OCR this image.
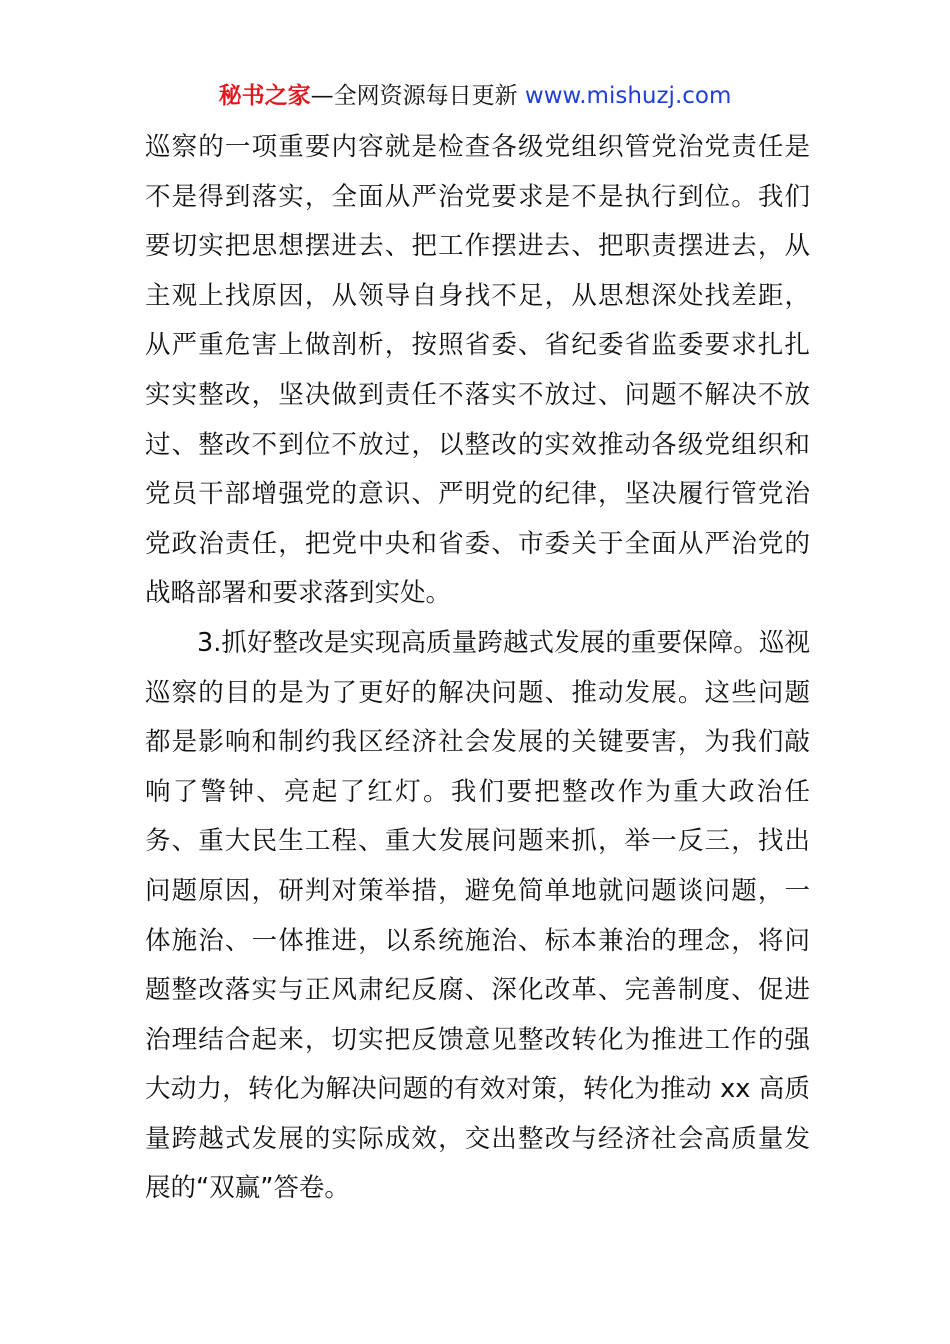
秘书之家—全网资源每日更新 www.mishuzj.com
巡察的一项重要内容就是检查各级党组织管党治党责任是
不是得到落实，全面从严治党要求是不是执行到位。我们
要切实把思想摆进去、把工作摆进去、把职责摆进去，从
主观上找原因，从领导自身找不足，从思想深处找差距，
从严重危害上做剖析，按照省委、省纪委省监委要求扎扎
实实整改，坚决做到责任不落实不放过、问题不解决不放
过、整改不到位不放过，以整改的实效推动各级党组织和
党员干部增强党的意识、严明党的纪律，坚决履行管党治
党政治责任，把党中央和省委、市委关于全面从严治党的
战略部署和要求落到实处。
3.抓好整改是实现高质量跨越式发展的重要保障。巡视
巡察的目的是为了更好的解决问题、推动发展。这些问题
都是影响和制约我区经济社会发展的关键要害，为我们敲
响了警钟、亮起了红灯。我们要把整改作为重大政治任
务、重大民生工程、重大发展问题来抓，举一反三，找出
问题原因，研判对策举措，避免简单地就问题谈问题，一
体施治、一体推进，以系统施治、标本兼治的理念，将问
题整改落实与正风肃纪反腐、深化改革、完善制度、促进
治理结合起来，切实把反馈意见整改转化为推进工作的强
大动力，转化为解决问题的有效对策，转化为推动 xx 高质
量跨越式发展的实际成效，交出整改与经济社会高质量发
展的“双赢”答卷。
